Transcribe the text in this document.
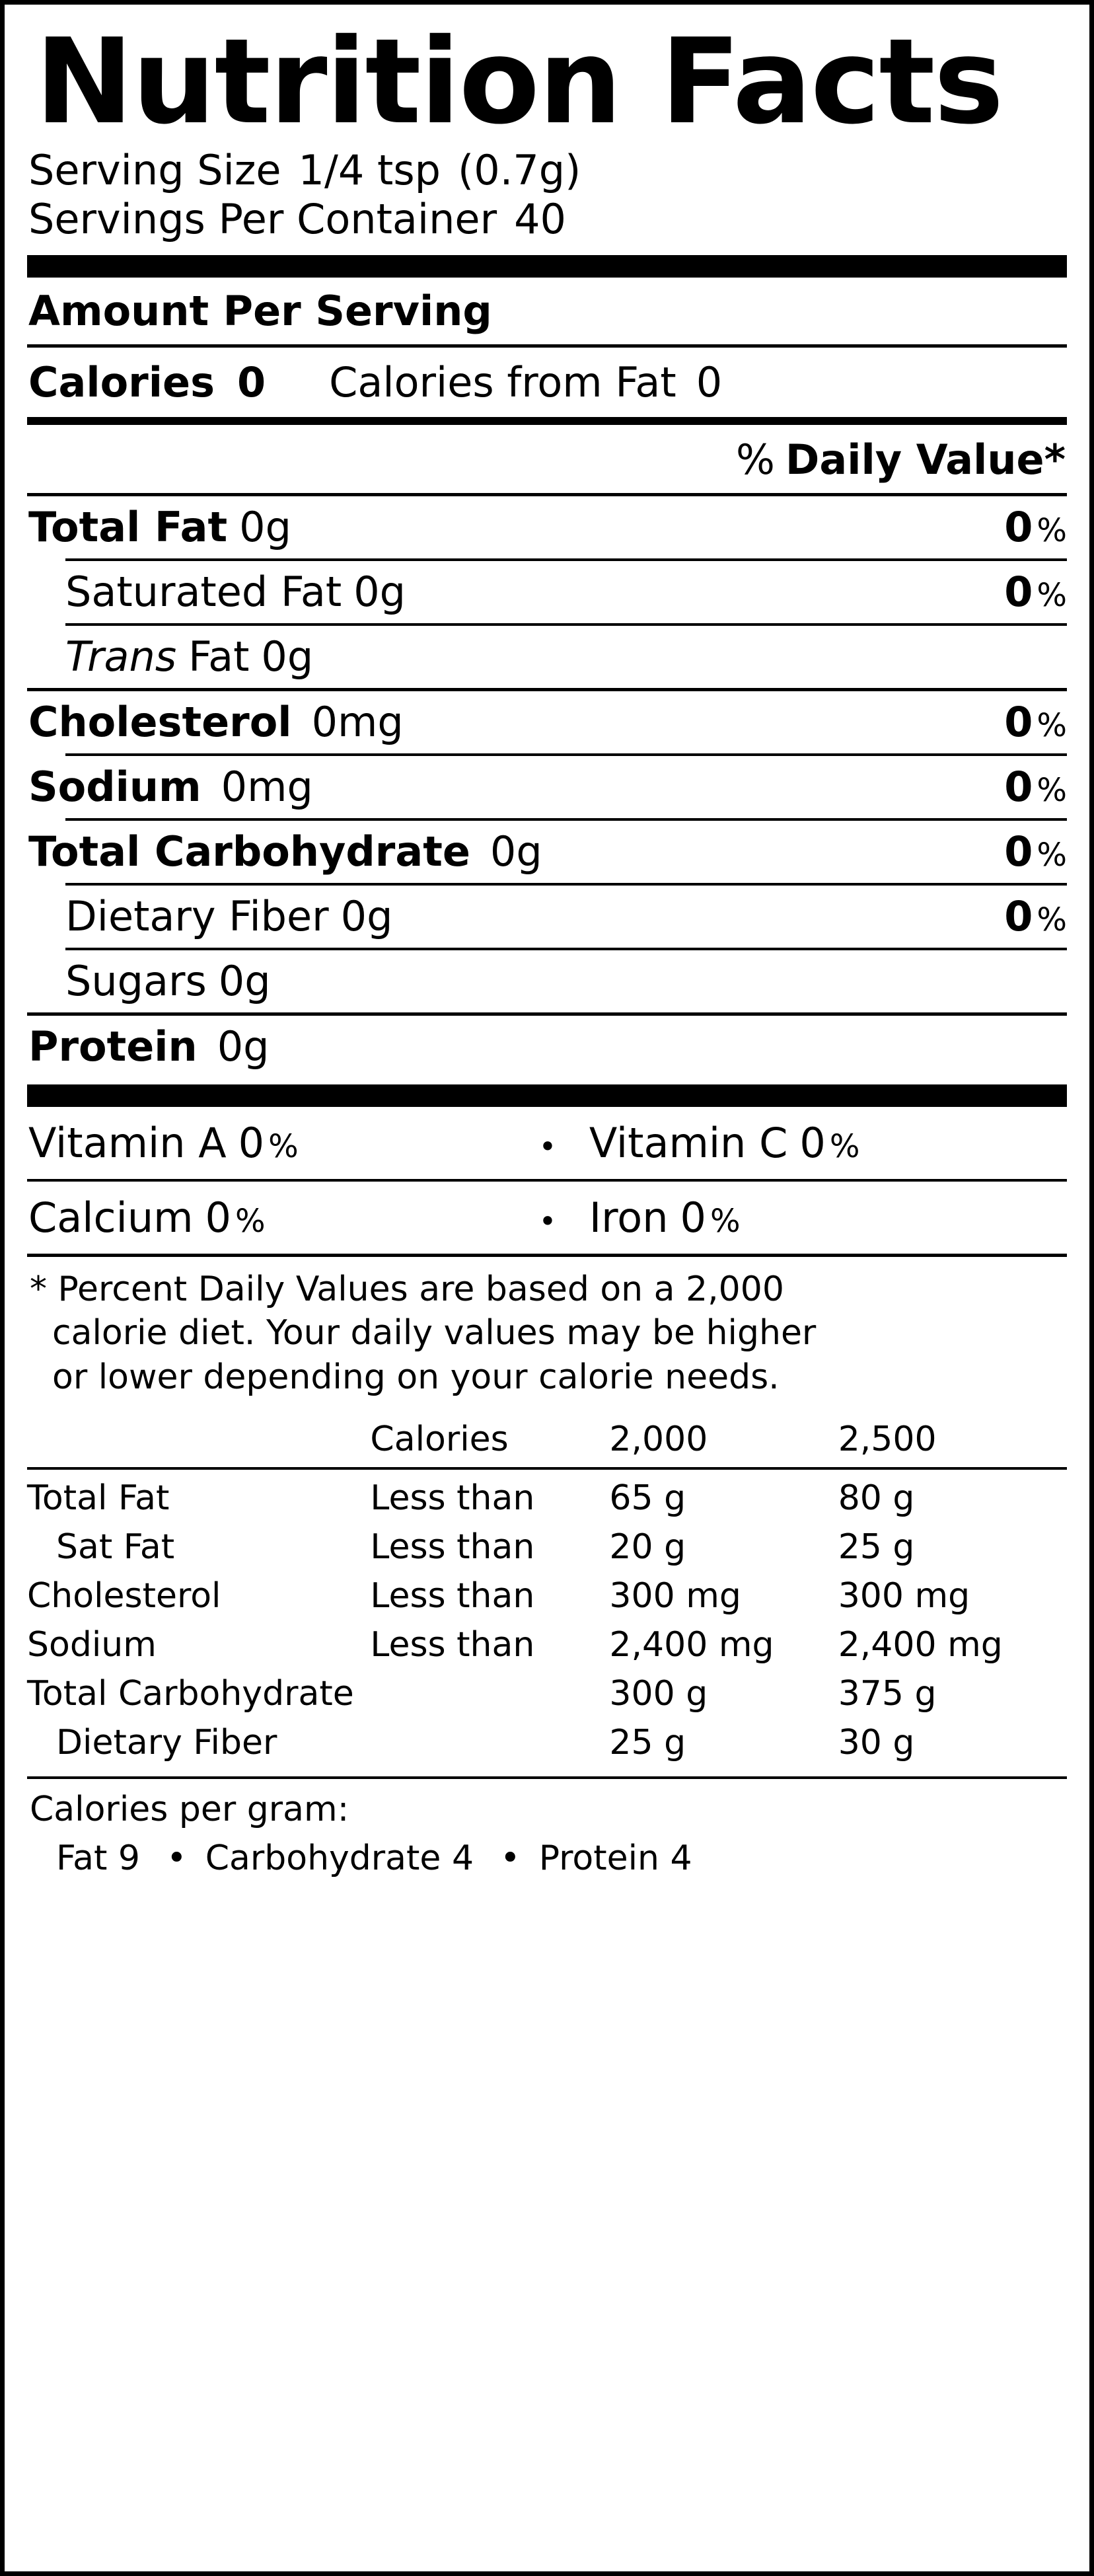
Nutrition Facts
Serving Size 1/4 tsp (0.7g)
Servings Per Container 40
Amount Per Serving
Calories 0	Calories from Fat 0
% Daily Value*
Total Fat 0g	0 %
Saturated Fat 0g	0 %
Trans Fat 0g
Cholesterol 0mg	0 %
Sodium 0mg	0 %
Total Carbohydrate 0g	0 %
Dietary Fiber 0g	0 %
Sugars 0g
Protein 0g
Vitamin A 0 %	• Vitamin C 0 %
Calcium 0 %	• Iron 0 %

* Percent Daily Values are based on a 2,000

calorie diet. Your daily values may be higher

or lower depending on your calorie needs.

	Calories	2,000	2,500
Total Fat	Less than	65 g	80 g
Sat Fat	Less than	20 g	25 g
Cholesterol	Less than	300 mg	300 mg
Sodium	Less than	2,400 mg	2,400 mg
Total Carbohydrate		300 g	375 g
Dietary Fiber		25 g	30 g
Calories per gram:
Fat 9 • Carbohydrate 4 • Protein 4
